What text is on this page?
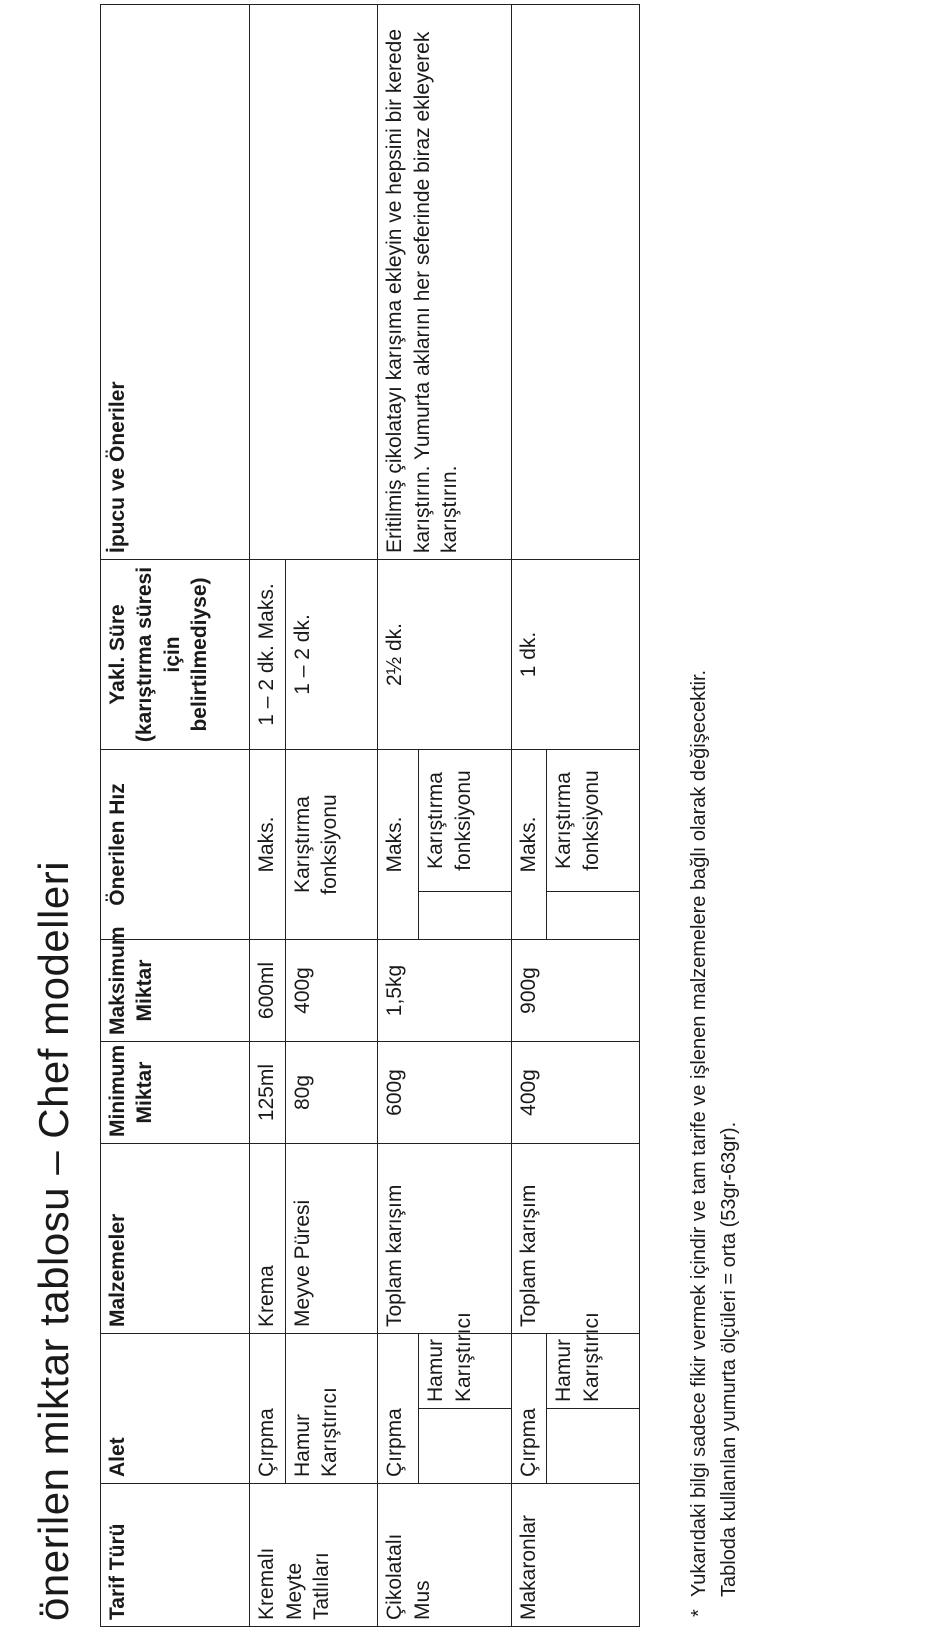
önerilen miktar tablosu – Chef modelleri Tarif Türü	Alet		Malzemeler	Minimum Miktar	Maksimum Miktar	Önerilen Hız		Yakl. Süre (karıştırma süresi için belirtilmediyse)	İpucu ve Öneriler
Kremalı Meyte Tatlıları	Çırpma		Krema	125ml	600ml	Maks.		1 – 2 dk. Maks.	
	Hamur Karıştırıcı		Meyve Püresi	80g	400g	Karıştırma fonksiyonu		1 – 2 dk.	
Çikolatalı Mus	Çırpma		Toplam karışım	600g	1,5kg	Maks.		2½ dk.	Eritilmiş çikolatayı karışıma ekleyin ve hepsini bir kerede karıştırın. Yumurta aklarını her seferinde biraz ekleyerek karıştırın.
		Hamur Karıştırıcı					Karıştırma fonksiyonu		
Makaronlar	Çırpma		Toplam karışım	400g	900g	Maks.		1 dk.	
		Hamur Karıştırıcı					Karıştırma fonksiyonu		
*Yukarıdaki bilgi sadece fikir vermek içindir ve tam tarife ve işlenen malzemelere bağlı olarak değişecektir. Tabloda kullanılan yumurta ölçüleri = orta (53gr-63gr).
